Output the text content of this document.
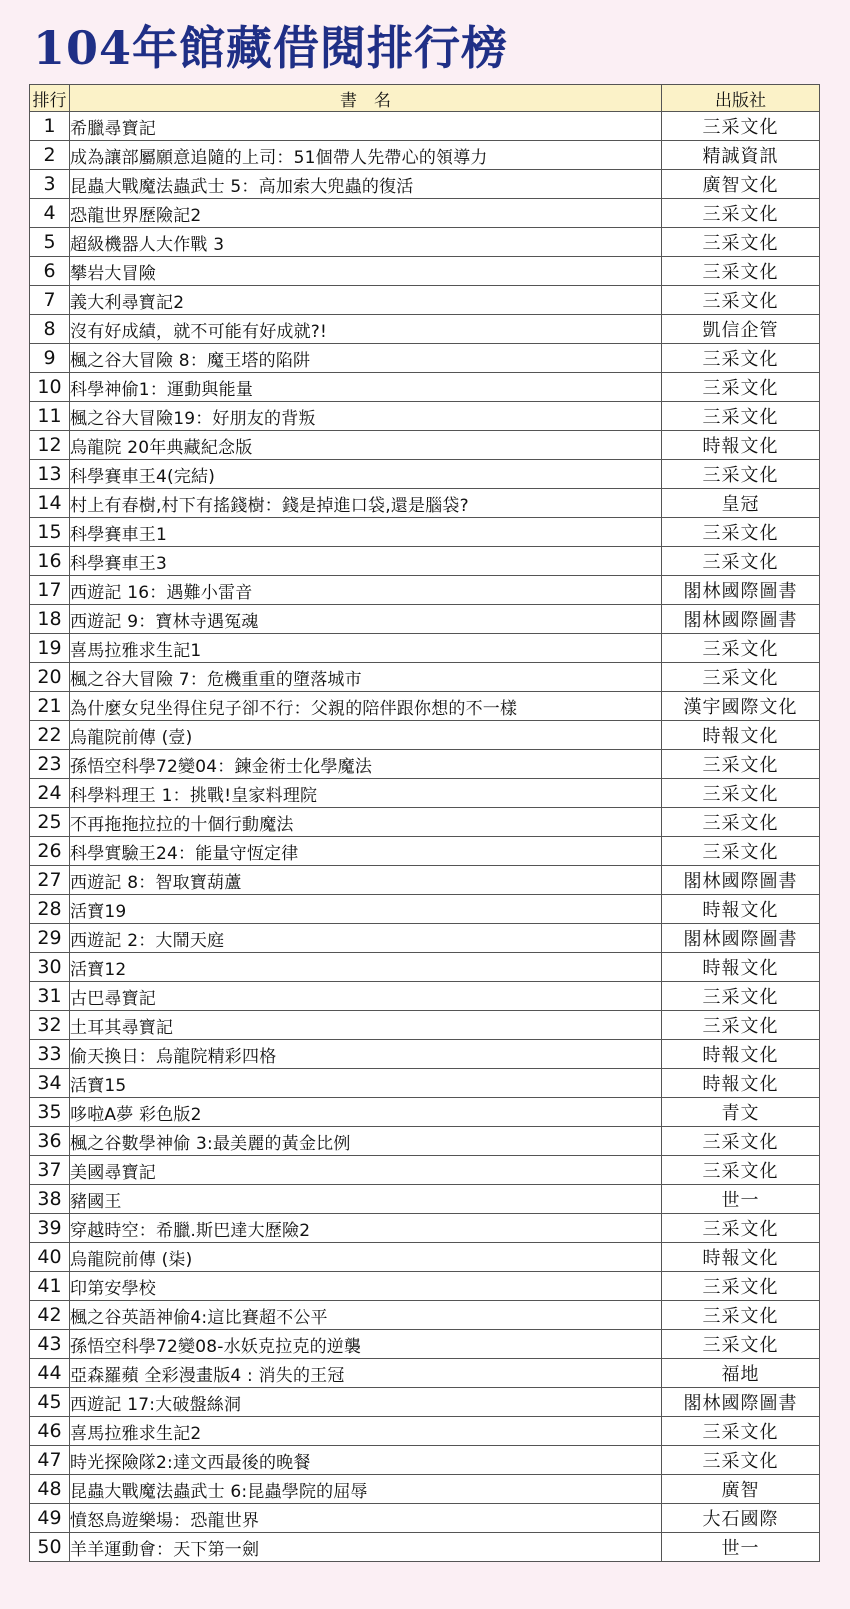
104年館藏借閱排行榜
排行	書　名	出版社
1	希臘尋寶記	三采文化
2	成為讓部屬願意追隨的上司：51個帶人先帶心的領導力	精誠資訊
3	昆蟲大戰魔法蟲武士 5：高加索大兜蟲的復活	廣智文化
4	恐龍世界歷險記2	三采文化
5	超級機器人大作戰 3	三采文化
6	攀岩大冒險	三采文化
7	義大利尋寶記2	三采文化
8	沒有好成績，就不可能有好成就?!	凱信企管
9	楓之谷大冒險 8：魔王塔的陷阱	三采文化
10	科學神偷1：運動與能量	三采文化
11	楓之谷大冒險19：好朋友的背叛	三采文化
12	烏龍院 20年典藏紀念版	時報文化
13	科學賽車王4(完結)	三采文化
14	村上有春樹,村下有搖錢樹：錢是掉進口袋,還是腦袋?	皇冠
15	科學賽車王1	三采文化
16	科學賽車王3	三采文化
17	西遊記 16：遇難小雷音	閣林國際圖書
18	西遊記 9：寶林寺遇冤魂	閣林國際圖書
19	喜馬拉雅求生記1	三采文化
20	楓之谷大冒險 7：危機重重的墮落城市	三采文化
21	為什麼女兒坐得住兒子卻不行：父親的陪伴跟你想的不一樣	漢宇國際文化
22	烏龍院前傳 (壹)	時報文化
23	孫悟空科學72變04：鍊金術士化學魔法	三采文化
24	科學料理王 1：挑戰!皇家料理院	三采文化
25	不再拖拖拉拉的十個行動魔法	三采文化
26	科學實驗王24：能量守恆定律	三采文化
27	西遊記 8：智取寶葫蘆	閣林國際圖書
28	活寶19	時報文化
29	西遊記 2：大鬧天庭	閣林國際圖書
30	活寶12	時報文化
31	古巴尋寶記	三采文化
32	土耳其尋寶記	三采文化
33	偷天換日：烏龍院精彩四格	時報文化
34	活寶15	時報文化
35	哆啦A夢 彩色版2	青文
36	楓之谷數學神偷 3:最美麗的黃金比例	三采文化
37	美國尋寶記	三采文化
38	豬國王	世一
39	穿越時空：希臘.斯巴達大歷險2	三采文化
40	烏龍院前傳 (柒)	時報文化
41	印第安學校	三采文化
42	楓之谷英語神偷4:這比賽超不公平	三采文化
43	孫悟空科學72變08-水妖克拉克的逆襲	三采文化
44	亞森羅蘋 全彩漫畫版4 : 消失的王冠	福地
45	西遊記 17:大破盤絲洞	閣林國際圖書
46	喜馬拉雅求生記2	三采文化
47	時光探險隊2:達文西最後的晚餐	三采文化
48	昆蟲大戰魔法蟲武士 6:昆蟲學院的屈辱	廣智
49	憤怒鳥遊樂場：恐龍世界	大石國際
50	羊羊運動會：天下第一劍	世一
